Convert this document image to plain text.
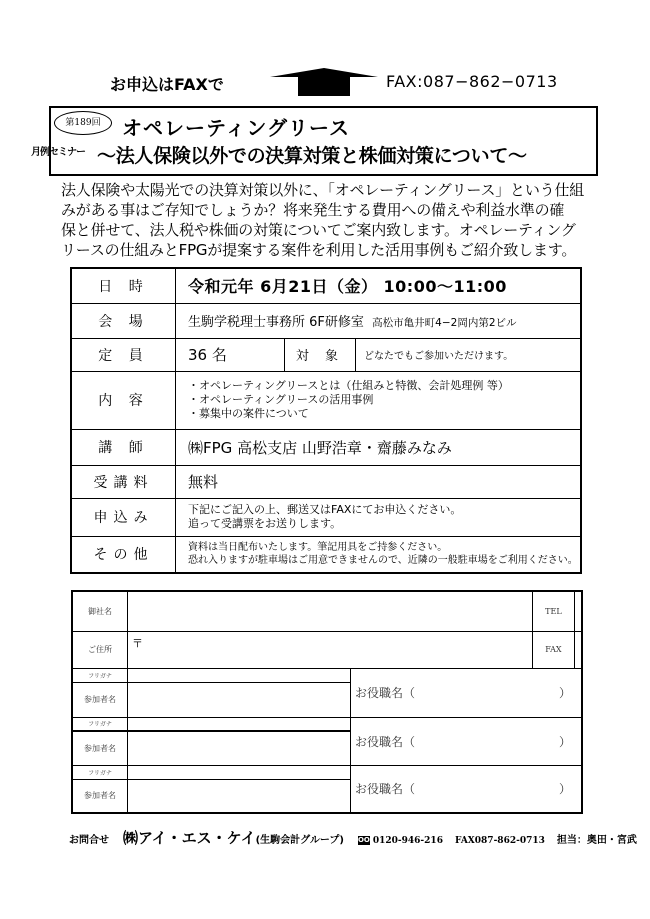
お申込はFAXで	FAX:087−862−0713
第189回
月例セミナー
オペレーティングリース
〜法人保険以外での決算対策と株価対策について〜
法人保険や太陽光での決算対策以外に、「オペレーティングリース」という仕組
みがある事はご存知でしょうか？将来発生する費用への備えや利益水準の確
保と併せて、法人税や株価の対策についてご案内致します。オペレーティング
リースの仕組みとFPGが提案する案件を利用した活用事例もご紹介致します。
日 時	令和元年 6月21日（金） 10:00〜11:00		
会 場	生駒学税理士事務所 6F研修室 高松市亀井町4−2岡内第2ビル		
定 員	36 名	対 象	どなたでもご参加いただけます。
内 容	・オペレーティングリースとは（仕組みと特徴、会計処理例 等）
・オペレーティングリースの活用事例
・募集中の案件について		

講 師	㈱FPG 高松支店 山野浩章・齋藤みなみ		
受講料	無料		
申込み	下記にご記入の上、郵送又はFAXにてお申込ください。
追って受講票をお送りします。		

その他	資料は当日配布いたします。筆記用具をご持参ください。
恐れ入りますが駐車場はご用意できませんので、近隣の一般駐車場をご利用ください。		
御社名			TEL	
ご住所	〒		FAX	
フリガナ		お役職名（ ）		

参加者名				
フリガナ		お役職名（ ）		

参加者名				
フリガナ		お役職名（ ）		

参加者名				
お問合せ ㈱アイ・エス・ケイ (生駒会計グループ) OO 0120-946-216 FAX087-862-0713 担当：奥田・宮武
